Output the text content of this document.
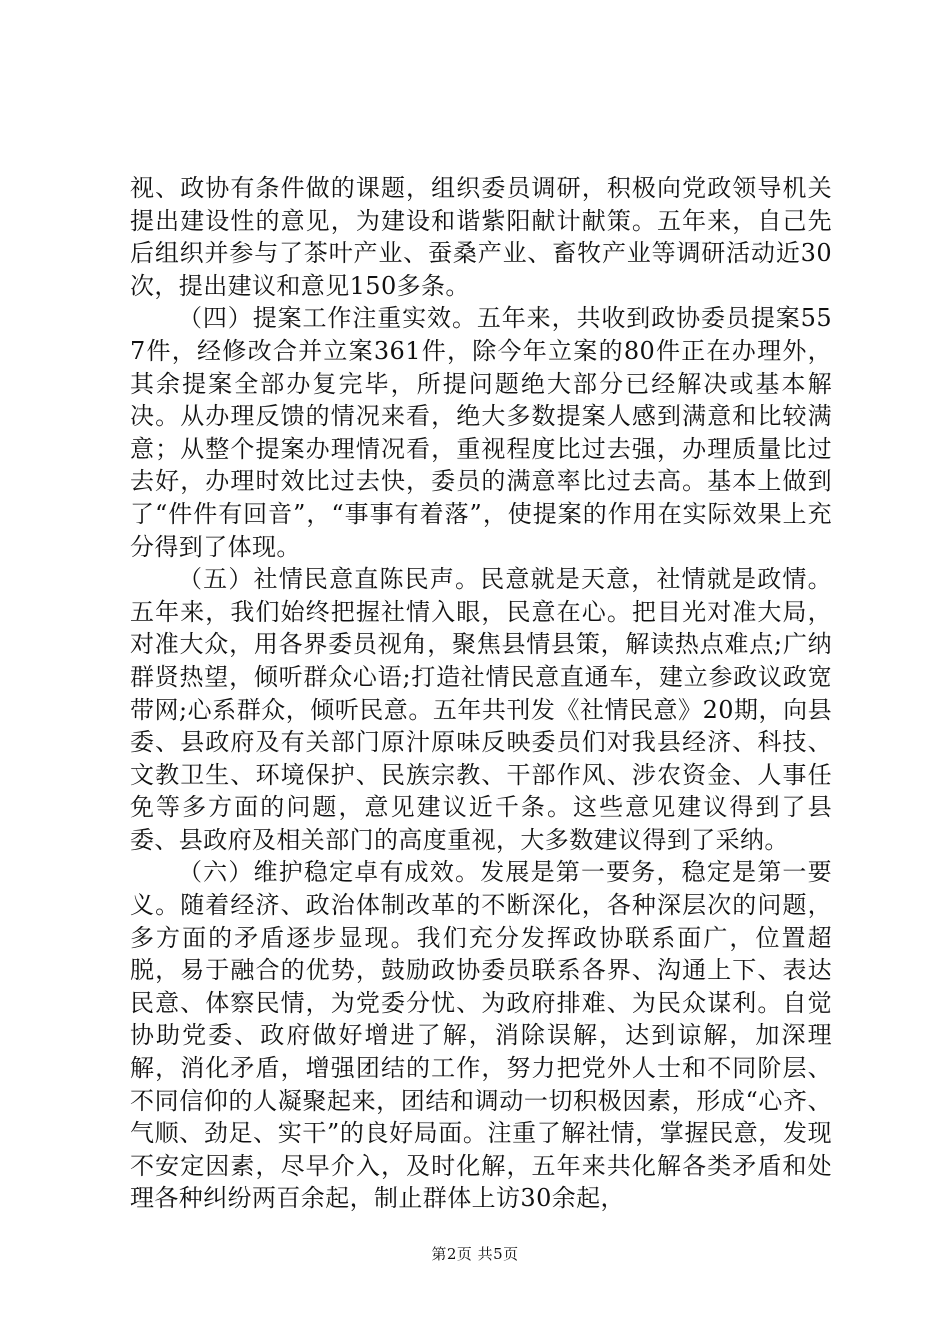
视、政协有条件做的课题，组织委员调研，积极向党政领导机关提出建设性的意见，为建设和谐紫阳献计献策。五年来，自己先后组织并参与了茶叶产业、蚕桑产业、畜牧产业等调研活动近30次，提出建议和意见150多条。

（四）提案工作注重实效。五年来，共收到政协委员提案557件，经修改合并立案361件，除今年立案的80件正在办理外，其余提案全部办复完毕，所提问题绝大部分已经解决或基本解决。从办理反馈的情况来看，绝大多数提案人感到满意和比较满意；从整个提案办理情况看，重视程度比过去强，办理质量比过去好，办理时效比过去快，委员的满意率比过去高。基本上做到了“件件有回音”，“事事有着落”，使提案的作用在实际效果上充分得到了体现。

（五）社情民意直陈民声。民意就是天意，社情就是政情。五年来，我们始终把握社情入眼，民意在心。把目光对准大局，对准大众，用各界委员视角，聚焦县情县策，解读热点难点;广纳群贤热望，倾听群众心语;打造社情民意直通车，建立参政议政宽带网;心系群众，倾听民意。五年共刊发《社情民意》20期，向县委、县政府及有关部门原汁原味反映委员们对我县经济、科技、文教卫生、环境保护、民族宗教、干部作风、涉农资金、人事任免等多方面的问题，意见建议近千条。这些意见建议得到了县委、县政府及相关部门的高度重视，大多数建议得到了采纳。

（六）维护稳定卓有成效。发展是第一要务，稳定是第一要义。随着经济、政治体制改革的不断深化，各种深层次的问题，多方面的矛盾逐步显现。我们充分发挥政协联系面广，位置超脱，易于融合的优势，鼓励政协委员联系各界、沟通上下、表达民意、体察民情，为党委分忧、为政府排难、为民众谋利。自觉协助党委、政府做好增进了解，消除误解，达到谅解，加深理解，消化矛盾，增强团结的工作，努力把党外人士和不同阶层、不同信仰的人凝聚起来，团结和调动一切积极因素，形成“心齐、气顺、劲足、实干”的良好局面。注重了解社情，掌握民意，发现不安定因素，尽早介入，及时化解，五年来共化解各类矛盾和处理各种纠纷两百余起，制止群体上访30余起，

第2页 共5页
